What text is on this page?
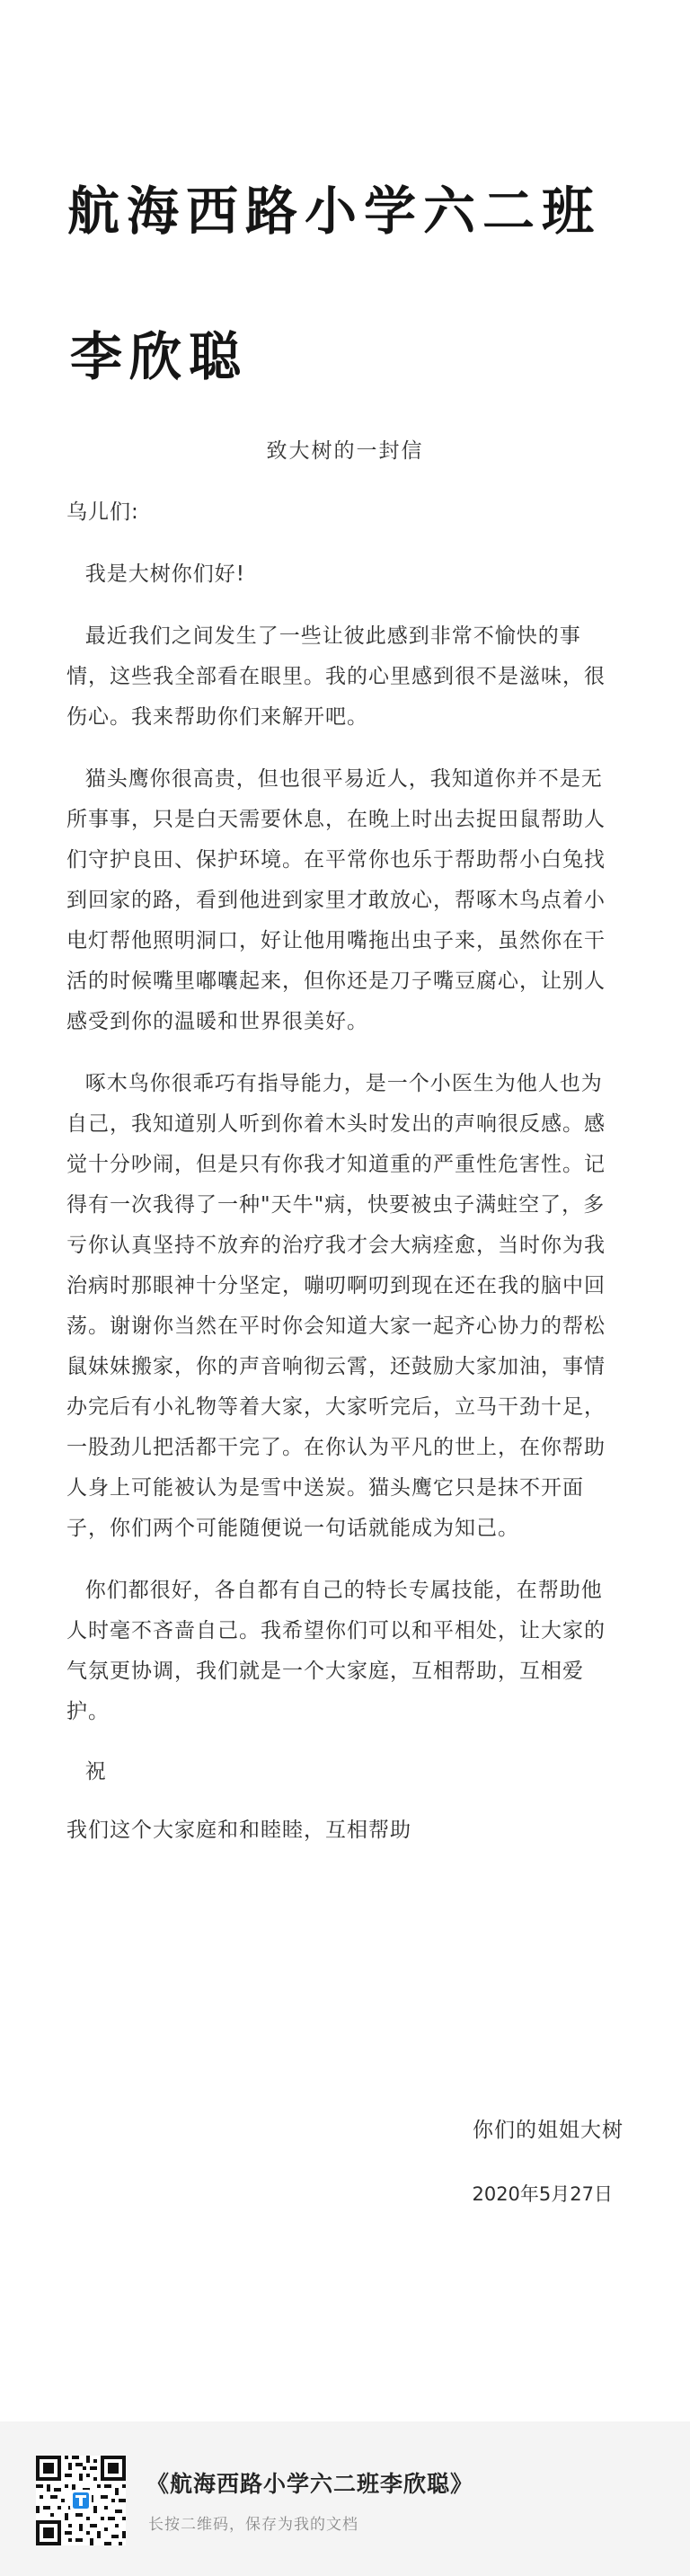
航海西路小学六二班
李欣聪
致大树的一封信

乌儿们:

我是大树你们好!

最近我们之间发生了一些让彼此感到非常不愉快的事情，这些我全部看在眼里。我的心里感到很不是滋味，很伤心。我来帮助你们来解开吧。

猫头鹰你很高贵，但也很平易近人，我知道你并不是无所事事，只是白天需要休息，在晚上时出去捉田鼠帮助人们守护良田、保护环境。在平常你也乐于帮助帮小白兔找到回家的路，看到他进到家里才敢放心，帮啄木鸟点着小电灯帮他照明洞口，好让他用嘴拖出虫子来，虽然你在干活的时候嘴里嘟囔起来，但你还是刀子嘴豆腐心，让别人感受到你的温暖和世界很美好。

啄木鸟你很乖巧有指导能力，是一个小医生为他人也为自己，我知道别人听到你着木头时发出的声响很反感。感觉十分吵闹，但是只有你我才知道重的严重性危害性。记得有一次我得了一种"天牛"病，快要被虫子满蛀空了，多亏你认真坚持不放弃的治疗我才会大病痊愈，当时你为我治病时那眼神十分坚定，嘣叨啊叨到现在还在我的脑中回荡。谢谢你当然在平时你会知道大家一起齐心协力的帮松鼠妹妹搬家，你的声音响彻云霄，还鼓励大家加油，事情办完后有小礼物等着大家，大家听完后，立马干劲十足，一股劲儿把活都干完了。在你认为平凡的世上，在你帮助人身上可能被认为是雪中送炭。猫头鹰它只是抹不开面子，你们两个可能随便说一句话就能成为知己。

你们都很好，各自都有自己的特长专属技能，在帮助他人时毫不吝啬自己。我希望你们可以和平相处，让大家的气氛更协调，我们就是一个大家庭，互相帮助，互相爱护。

祝

我们这个大家庭和和睦睦，互相帮助

你们的姐姐大树
2020年5月27日
《航海西路小学六二班李欣聪》
长按二维码，保存为我的文档
